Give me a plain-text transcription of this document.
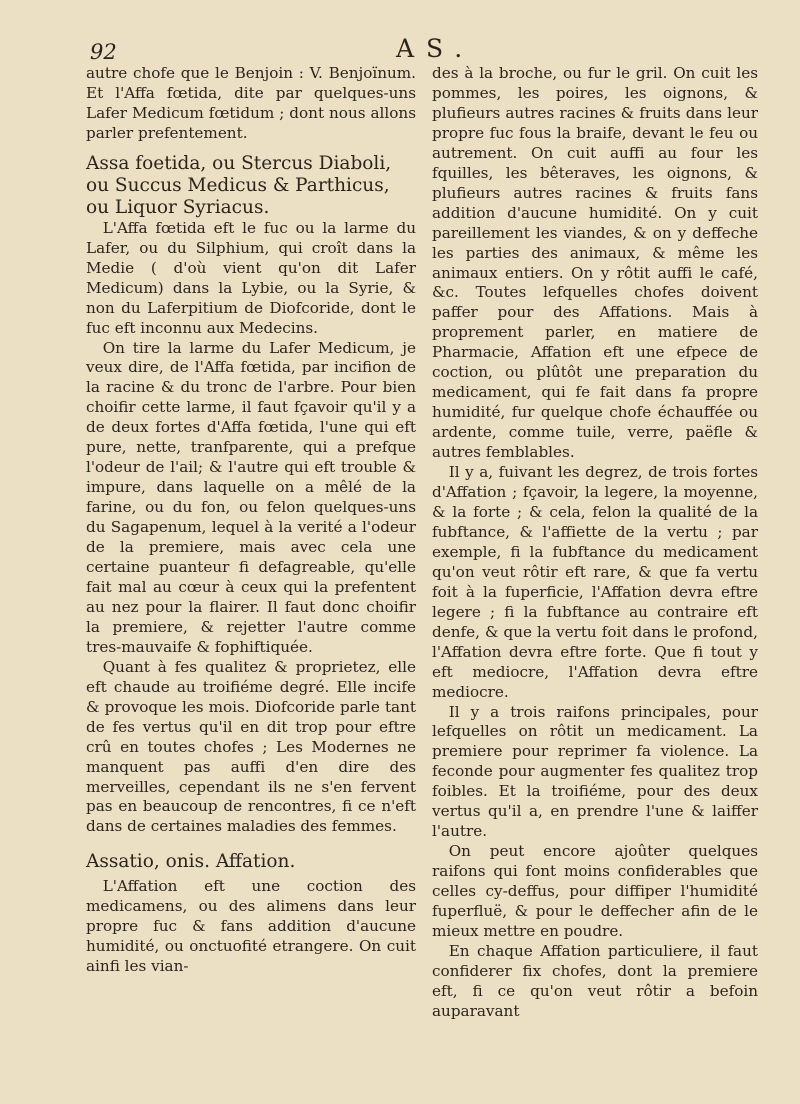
92	AS.

autre chofe que le Benjoin : V. Benjoïnum. Et l'Affa fœtida, dite par quelques-uns Lafer Medicum fœtidum ; dont nous allons parler prefentement.

Assa foetida, ou Stercus Diaboli, ou Succus Medicus & Parthicus, ou Liquor Syriacus.

L'Affa fœtida eft le fuc ou la larme du Lafer, ou du Silphium, qui croît dans la Medie ( d'où vient qu'on dit Lafer Medicum) dans la Lybie, ou la Syrie, & non du Laferpitium de Diofcoride, dont le fuc eft inconnu aux Medecins.

On tire la larme du Lafer Medicum, je veux dire, de l'Affa fœtida, par incifion de la racine & du tronc de l'arbre. Pour bien choifir cette larme, il faut fçavoir qu'il y a de deux fortes d'Affa fœtida, l'une qui eft pure, nette, tranfparente, qui a prefque l'odeur de l'ail; & l'autre qui eft trouble & impure, dans laquelle on a mêlé de la farine, ou du fon, ou felon quelques-uns du Sagapenum, lequel à la verité a l'odeur de la premiere, mais avec cela une certaine puanteur fi defagreable, qu'elle fait mal au cœur à ceux qui la prefentent au nez pour la flairer. Il faut donc choifir la premiere, & rejetter l'autre comme tres-mauvaife & fophiftiquée.

Quant à fes qualitez & proprietez, elle eft chaude au troifiéme degré. Elle incife & provoque les mois. Diofcoride parle tant de fes vertus qu'il en dit trop pour eftre crû en toutes chofes ; Les Modernes ne manquent pas auffi d'en dire des merveilles, cependant ils ne s'en fervent pas en beaucoup de rencontres, fi ce n'eft dans de certaines maladies des femmes.

Assatio, onis. Affation.

L'Affation eft une coction des medicamens, ou des alimens dans leur propre fuc & fans addition d'aucune humidité, ou onctuofité etrangere. On cuit ainfi les vian-

des à la broche, ou fur le gril. On cuit les pommes, les poires, les oignons, & plufieurs autres racines & fruits dans leur propre fuc fous la braife, devant le feu ou autrement. On cuit auffi au four les fquilles, les bêteraves, les oignons, & plufieurs autres racines & fruits fans addition d'aucune humidité. On y cuit pareillement les viandes, & on y deffeche les parties des animaux, & même les animaux entiers. On y rôtit auffi le café, &c. Toutes lefquelles chofes doivent paffer pour des Affations. Mais à proprement parler, en matiere de Pharmacie, Affation eft une efpece de coction, ou plûtôt une preparation du medicament, qui fe fait dans fa propre humidité, fur quelque chofe échauffée ou ardente, comme tuile, verre, paëfle & autres femblables.

Il y a, fuivant les degrez, de trois fortes d'Affation ; fçavoir, la legere, la moyenne, & la forte ; & cela, felon la qualité de la fubftance, & l'affiette de la vertu ; par exemple, fi la fubftance du medicament qu'on veut rôtir eft rare, & que fa vertu foit à la fuperficie, l'Affation devra eftre legere ; fi la fubftance au contraire eft denfe, & que la vertu foit dans le profond, l'Affation devra eftre forte. Que fi tout y eft mediocre, l'Affation devra eftre mediocre.

Il y a trois raifons principales, pour lefquelles on rôtit un medicament. La premiere pour reprimer fa violence. La feconde pour augmenter fes qualitez trop foibles. Et la troifiéme, pour des deux vertus qu'il a, en prendre l'une & laiffer l'autre.

On peut encore ajoûter quelques raifons qui font moins confiderables que celles cy-deffus, pour diffiper l'humidité fuperfluë, & pour le deffecher afin de le mieux mettre en poudre.

En chaque Affation particuliere, il faut confiderer fix chofes, dont la premiere eft, fi ce qu'on veut rôtir a befoin auparavant
